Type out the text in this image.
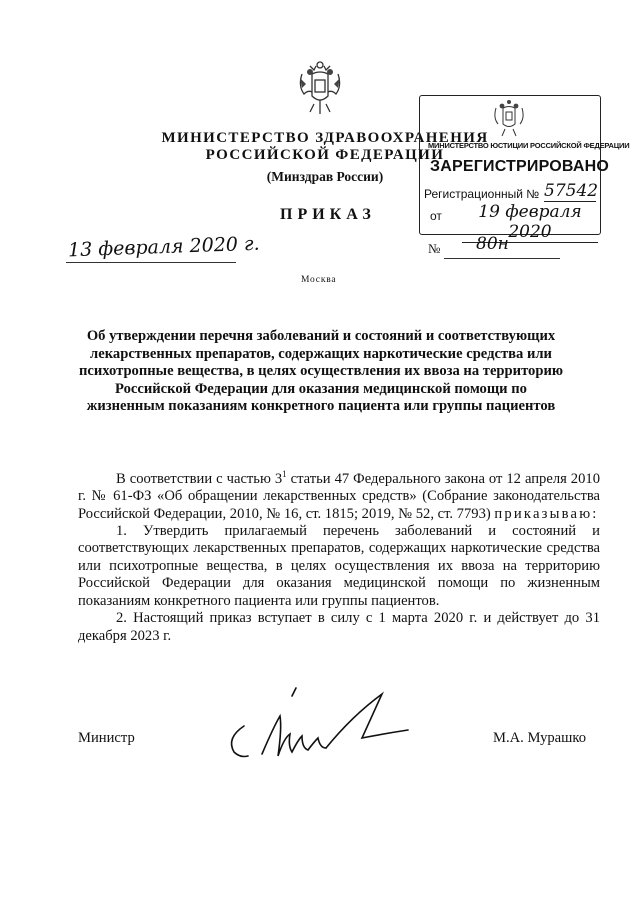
МИНИСТЕРСТВО ЗДРАВООХРАНЕНИЯ
РОССИЙСКОЙ ФЕДЕРАЦИИ
(Минздрав России)
МИНИСТЕРСТВО ЮСТИЦИИ РОССИЙСКОЙ ФЕДЕРАЦИИ
ЗАРЕГИСТРИРОВАНО
Регистрационный № 57542
от	19 февраля 2020
ПРИКАЗ
13 февраля 2020 г.	№ 80н
Москва
Об утверждении перечня заболеваний и состояний и соответствующих лекарственных препаратов, содержащих наркотические средства или психотропные вещества, в целях осуществления их ввоза на территорию Российской Федерации для оказания медицинской помощи по жизненным показаниям конкретного пациента или группы пациентов

В соответствии с частью $3^1$ статьи 47 Федерального закона от 12 апреля 2010 г. № 61-ФЗ «Об обращении лекарственных средств» (Собрание законодательства Российской Федерации, 2010, № 16, ст. 1815; 2019, № 52, ст. 7793) приказываю:

1. Утвердить прилагаемый перечень заболеваний и состояний и соответствующих лекарственных препаратов, содержащих наркотические средства или психотропные вещества, в целях осуществления их ввоза на территорию Российской Федерации для оказания медицинской помощи по жизненным показаниям конкретного пациента или группы пациентов.

2. Настоящий приказ вступает в силу с 1 марта 2020 г. и действует до 31 декабря 2023 г.

Министр	М.А. Мурашко
